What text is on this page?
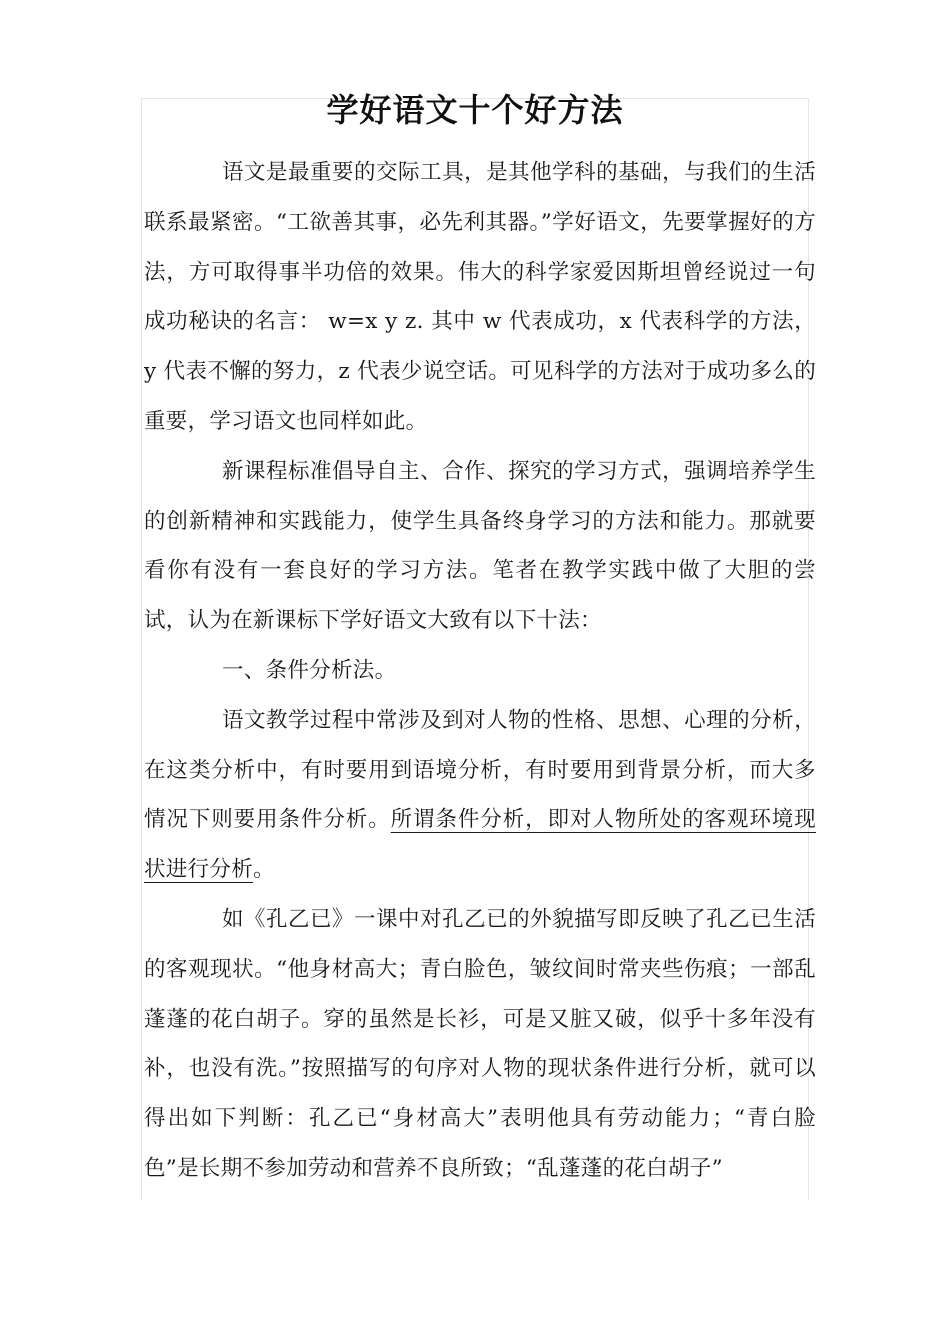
学好语文十个好方法

语文是最重要的交际工具，是其他学科的基础，与我们的生活联系最紧密。“工欲善其事，必先利其器。”学好语文，先要掌握好的方法，方可取得事半功倍的效果。伟大的科学家爱因斯坦曾经说过一句成功秘诀的名言： w=x y z. 其中 w 代表成功，x 代表科学的方法，y 代表不懈的努力，z 代表少说空话。可见科学的方法对于成功多么的重要，学习语文也同样如此。

新课程标准倡导自主、合作、探究的学习方式，强调培养学生的创新精神和实践能力，使学生具备终身学习的方法和能力。那就要看你有没有一套良好的学习方法。笔者在教学实践中做了大胆的尝试，认为在新课标下学好语文大致有以下十法：

一、条件分析法。

语文教学过程中常涉及到对人物的性格、思想、心理的分析，在这类分析中，有时要用到语境分析，有时要用到背景分析，而大多情况下则要用条件分析。所谓条件分析，即对人物所处的客观环境现状进行分析。

如《孔乙已》一课中对孔乙已的外貌描写即反映了孔乙已生活的客观现状。“他身材高大；青白脸色，皱纹间时常夹些伤痕；一部乱蓬蓬的花白胡子。穿的虽然是长衫，可是又脏又破，似乎十多年没有补，也没有洗。”按照描写的句序对人物的现状条件进行分析，就可以得出如下判断：孔乙已“身材高大”表明他具有劳动能力；“青白脸色”是长期不参加劳动和营养不良所致；“乱蓬蓬的花白胡子”
